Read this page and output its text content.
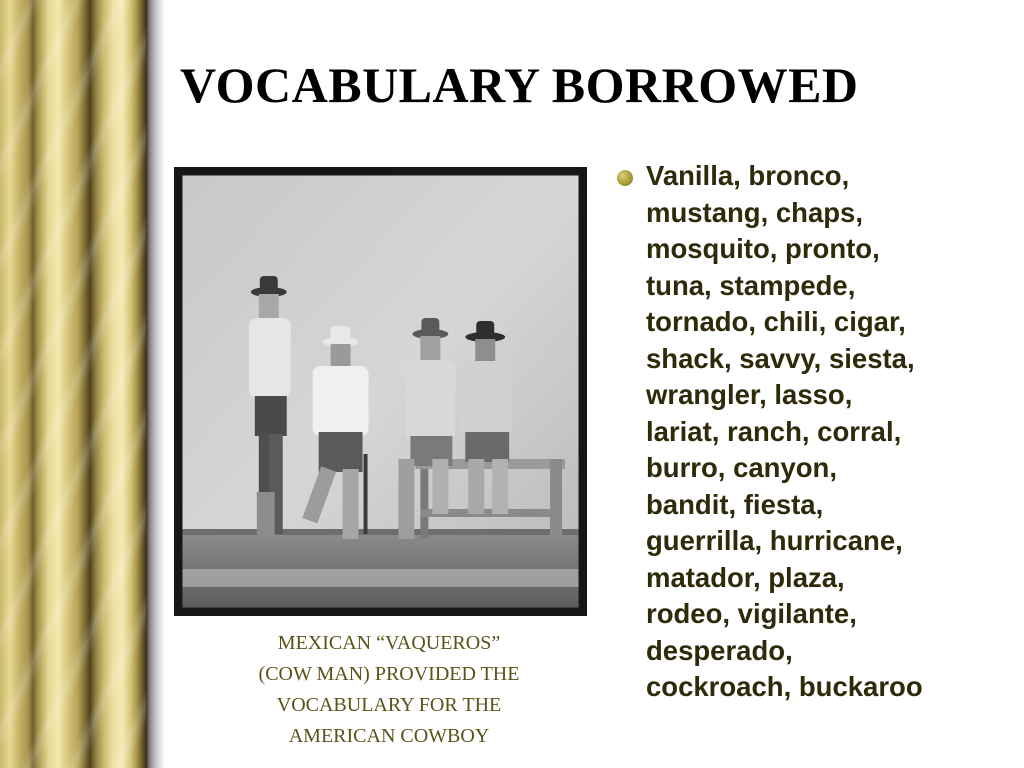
VOCABULARY BORROWED

MEXICAN “VAQUEROS”
(COW MAN) PROVIDED THE
VOCABULARY FOR THE
AMERICAN COWBOY

Vanilla, bronco,
mustang, chaps,
mosquito, pronto,
tuna, stampede,
tornado, chili, cigar,
shack, savvy, siesta,
wrangler, lasso,
lariat, ranch, corral,
burro, canyon,
bandit, fiesta,
guerrilla, hurricane,
matador, plaza,
rodeo, vigilante,
desperado,
cockroach, buckaroo
